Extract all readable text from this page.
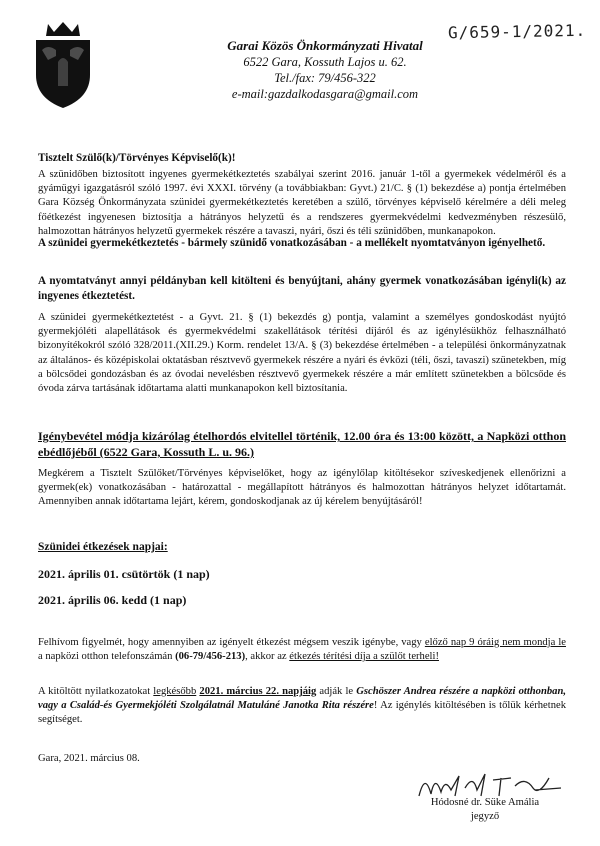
G/659-1/2021.
Garai Közös Önkormányzati Hivatal
6522 Gara, Kossuth Lajos u. 62.
Tel./fax: 79/456-322
e-mail:gazdalkodasgara@gmail.com

Tisztelt Szülő(k)/Törvényes Képviselő(k)!

A szünidőben biztosított ingyenes gyermekétkeztetés szabályai szerint 2016. január 1-től a gyermekek védelméről és a gyámügyi igazgatásról szóló 1997. évi XXXI. törvény (a továbbiakban: Gyvt.) 21/C. § (1) bekezdése a) pontja értelmében Gara Község Önkormányzata szünidei gyermekétkeztetés keretében a szülő, törvényes képviselő kérelmére a déli meleg főétkezést ingyenesen biztosítja a hátrányos helyzetű és a rendszeres gyermekvédelmi kedvezményben részesülő, halmozottan hátrányos helyzetű gyermekek részére a tavaszi, nyári, őszi és téli szünidőben, munkanapokon.

A szünidei gyermekétkeztetés - bármely szünidő vonatkozásában - a mellékelt nyomtatványon igényelhető.

A nyomtatványt annyi példányban kell kitölteni és benyújtani, ahány gyermek vonatkozásában igényli(k) az ingyenes étkeztetést.

A szünidei gyermekétkeztetést - a Gyvt. 21. § (1) bekezdés g) pontja, valamint a személyes gondoskodást nyújtó gyermekjóléti alapellátások és gyermekvédelmi szakellátások térítési díjáról és az igénylésükhöz felhasználható bizonyítékokról szóló 328/2011.(XII.29.) Korm. rendelet 13/A. § (3) bekezdése értelmében - a települési önkormányzatnak az általános- és középiskolai oktatásban résztvevő gyermekek részére a nyári és évközi (téli, őszi, tavaszi) szünetekben, míg a bölcsődei gondozásban és az óvodai nevelésben résztvevő gyermekek részére a már említett szünetekben a bölcsőde és óvoda zárva tartásának időtartama alatti munkanapokon kell biztosítania.

Igénybevétel módja kizárólag ételhordós elvitellel történik, 12.00 óra és 13:00 között, a Napközi otthon ebédlőjéből (6522 Gara, Kossuth L. u. 96.)

Megkérem a Tisztelt Szülőket/Törvényes képviselőket, hogy az igénylőlap kitöltésekor szíveskedjenek ellenőrizni a gyermek(ek) vonatkozásában - határozattal - megállapított hátrányos és halmozottan hátrányos helyzet időtartamát. Amennyiben annak időtartama lejárt, kérem, gondoskodjanak az új kérelem benyújtásáról!

Szünidei étkezések napjai:

2021. április 01. csütörtök (1 nap)

2021. április 06. kedd (1 nap)

Felhívom figyelmét, hogy amennyiben az igényelt étkezést mégsem veszik igénybe, vagy előző nap 9 óráig nem mondja le a napközi otthon telefonszámán (06-79/456-213), akkor az étkezés térítési díja a szülőt terheli!

A kitöltött nyilatkozatokat legkésőbb 2021. március 22. napjáig adják le Gschöszer Andrea részére a napközi otthonban, vagy a Család-és Gyermekjóléti Szolgálatnál Matuláné Janotka Rita részére! Az igénylés kitöltésében is tőlük kérhetnek segítséget.

Gara, 2021. március 08.

Hódosné dr. Süke Amália
jegyző
